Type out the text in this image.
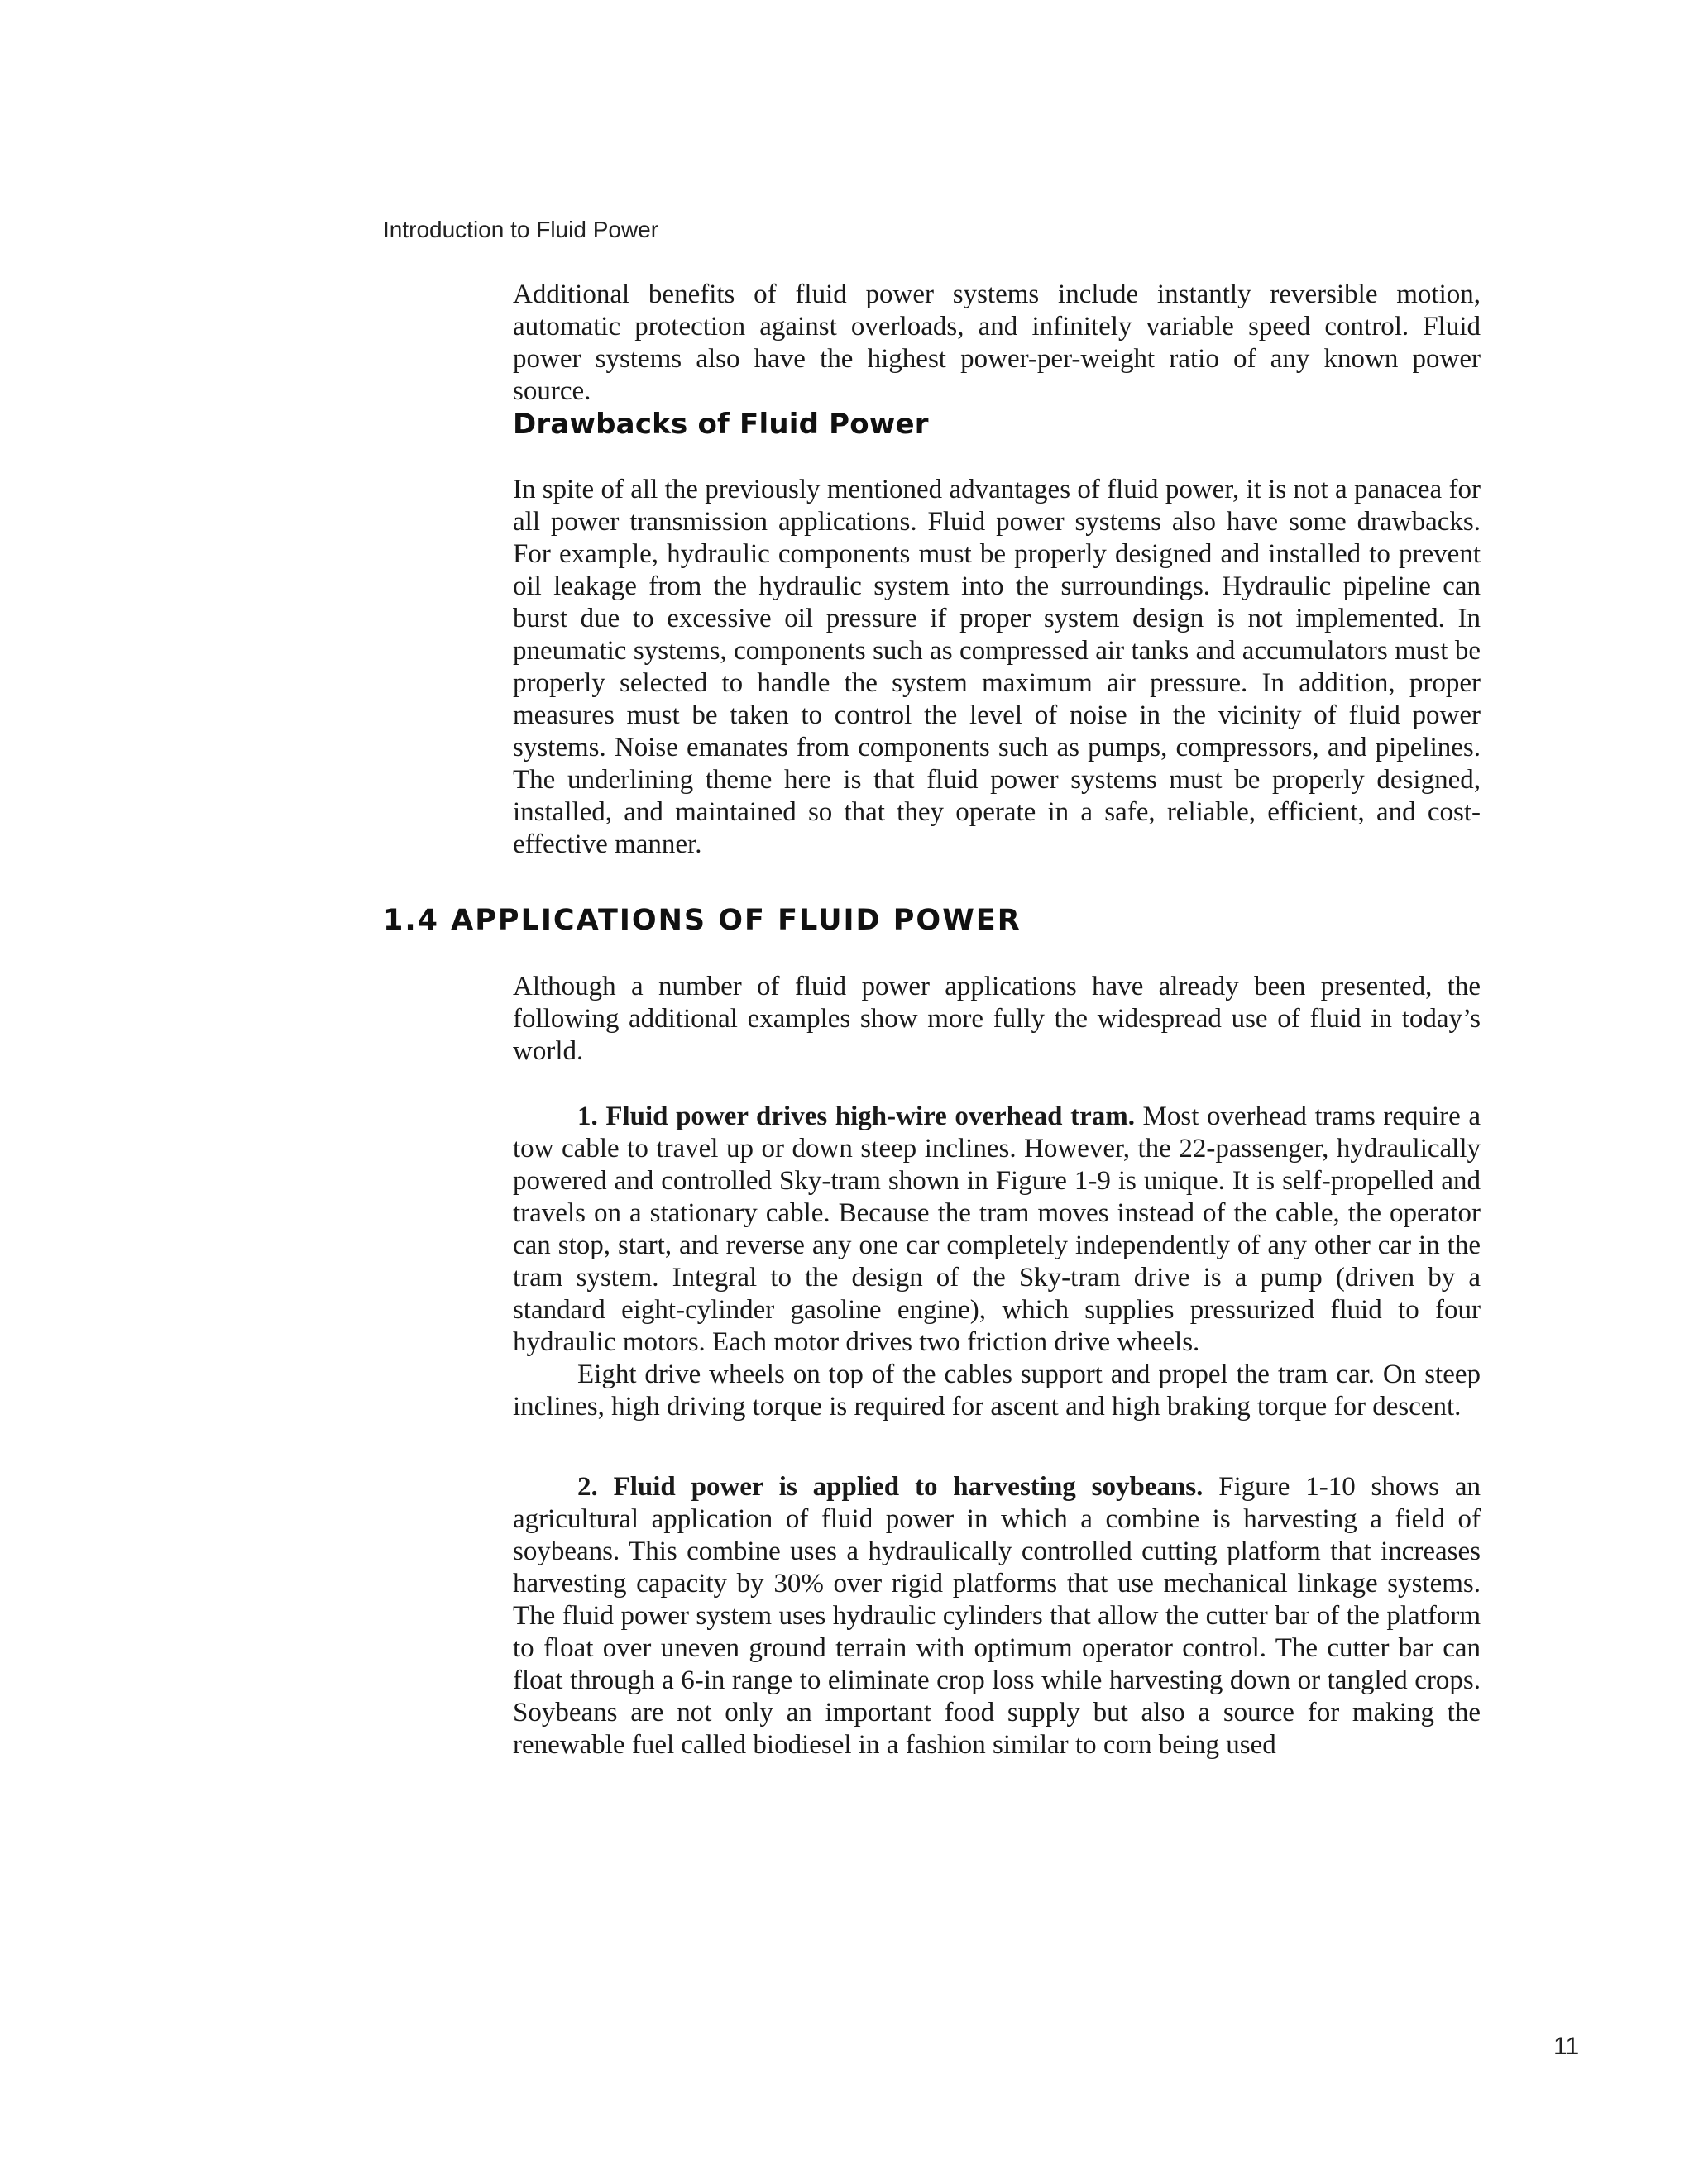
Introduction to Fluid Power

Additional benefits of fluid power systems include instantly reversible motion, automatic protection against overloads, and infinitely variable speed control. Fluid power systems also have the highest power-per-weight ratio of any known power source.

Drawbacks of Fluid Power

In spite of all the previously mentioned advantages of fluid power, it is not a panacea for all power transmission applications. Fluid power systems also have some drawbacks. For example, hydraulic components must be properly designed and installed to prevent oil leakage from the hydraulic system into the surroundings. Hydraulic pipeline can burst due to excessive oil pressure if proper system design is not implemented. In pneumatic systems, components such as compressed air tanks and accumulators must be properly selected to handle the system maximum air pressure. In addition, proper measures must be taken to control the level of noise in the vicinity of fluid power systems. Noise emanates from components such as pumps, compressors, and pipelines. The underlining theme here is that fluid power systems must be properly designed, installed, and maintained so that they operate in a safe, reliable, efficient, and cost-effective manner.

1.4 APPLICATIONS OF FLUID POWER

Although a number of fluid power applications have already been presented, the following additional examples show more fully the widespread use of fluid in today’s world.

1. Fluid power drives high-wire overhead tram. Most overhead trams require a tow cable to travel up or down steep inclines. However, the 22-passenger, hydraulically powered and controlled Sky-tram shown in Figure 1-9 is unique. It is self-propelled and travels on a stationary cable. Because the tram moves instead of the cable, the operator can stop, start, and reverse any one car completely independently of any other car in the tram system. Integral to the design of the Sky-tram drive is a pump (driven by a standard eight-cylinder gasoline engine), which supplies pressurized fluid to four hydraulic motors. Each motor drives two friction drive wheels.

Eight drive wheels on top of the cables support and propel the tram car. On steep inclines, high driving torque is required for ascent and high braking torque for descent.

2. Fluid power is applied to harvesting soybeans. Figure 1-10 shows an agricultural application of fluid power in which a combine is harvesting a field of soybeans. This combine uses a hydraulically controlled cutting platform that increases harvesting capacity by 30% over rigid platforms that use mechanical linkage systems. The fluid power system uses hydraulic cylinders that allow the cutter bar of the platform to float over uneven ground terrain with optimum operator control. The cutter bar can float through a 6-in range to eliminate crop loss while harvesting down or tangled crops. Soybeans are not only an important food supply but also a source for making the renewable fuel called biodiesel in a fashion similar to corn being used

11
